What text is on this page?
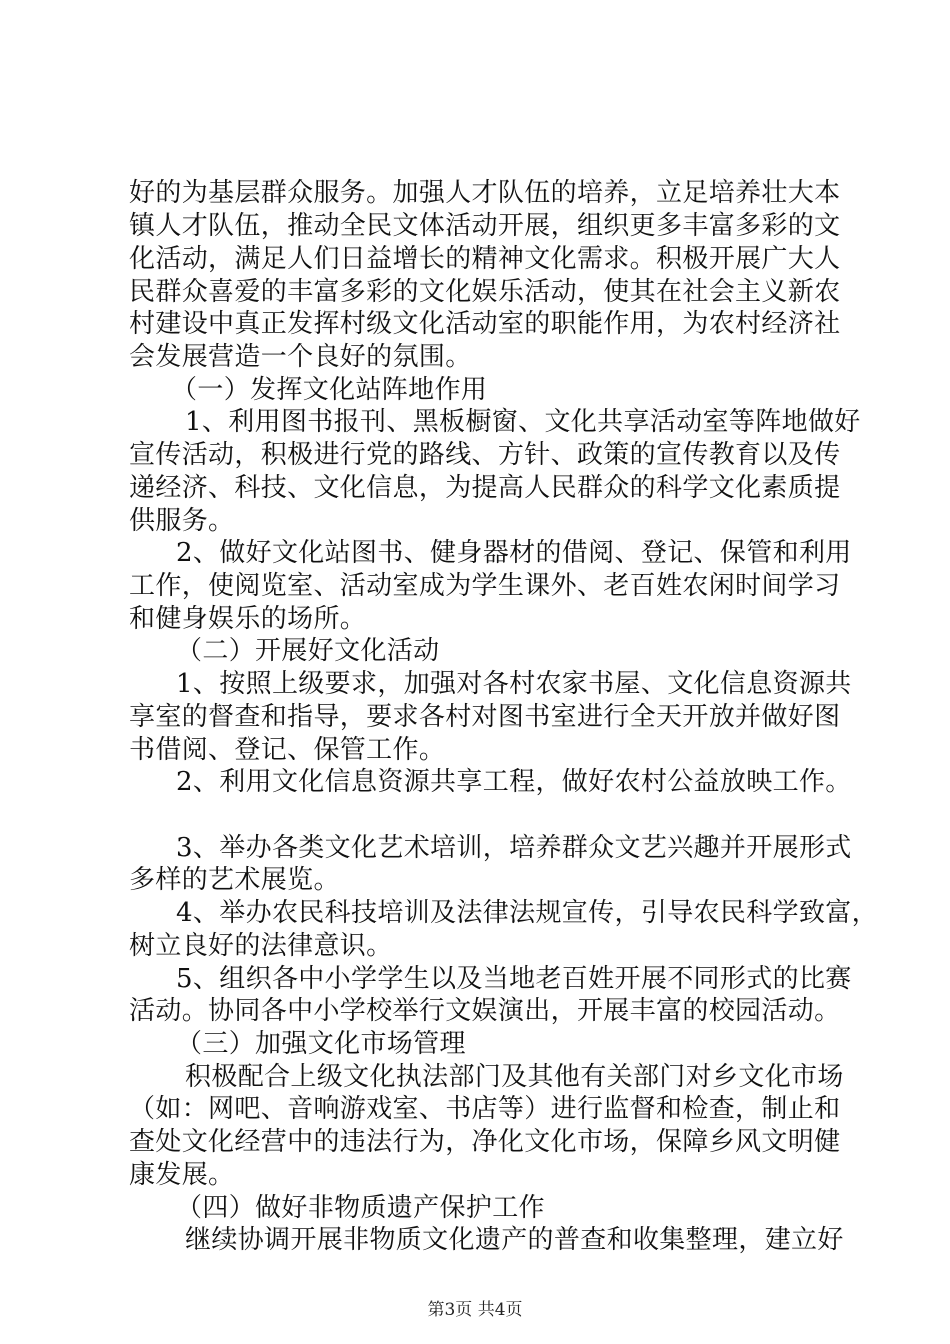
好的为基层群众服务。加强人才队伍的培养，立足培养壮大本
镇人才队伍，推动全民文体活动开展，组织更多丰富多彩的文
化活动，满足人们日益增长的精神文化需求。积极开展广大人
民群众喜爱的丰富多彩的文化娱乐活动，使其在社会主义新农
村建设中真正发挥村级文化活动室的职能作用，为农村经济社
会发展营造一个良好的氛围。
（一）发挥文化站阵地作用
1、利用图书报刊、黑板橱窗、文化共享活动室等阵地做好
宣传活动，积极进行党的路线、方针、政策的宣传教育以及传
递经济、科技、文化信息，为提高人民群众的科学文化素质提
供服务。
2、做好文化站图书、健身器材的借阅、登记、保管和利用
工作，使阅览室、活动室成为学生课外、老百姓农闲时间学习
和健身娱乐的场所。
（二）开展好文化活动
1、按照上级要求，加强对各村农家书屋、文化信息资源共
享室的督查和指导，要求各村对图书室进行全天开放并做好图
书借阅、登记、保管工作。
2、利用文化信息资源共享工程，做好农村公益放映工作。
3、举办各类文化艺术培训，培养群众文艺兴趣并开展形式
多样的艺术展览。
4、举办农民科技培训及法律法规宣传，引导农民科学致富，
树立良好的法律意识。
5、组织各中小学学生以及当地老百姓开展不同形式的比赛
活动。协同各中小学校举行文娱演出，开展丰富的校园活动。
（三）加强文化市场管理
积极配合上级文化执法部门及其他有关部门对乡文化市场
（如：网吧、音响游戏室、书店等）进行监督和检查，制止和
查处文化经营中的违法行为，净化文化市场，保障乡风文明健
康发展。
（四）做好非物质遗产保护工作
继续协调开展非物质文化遗产的普查和收集整理，建立好
第3页 共4页
